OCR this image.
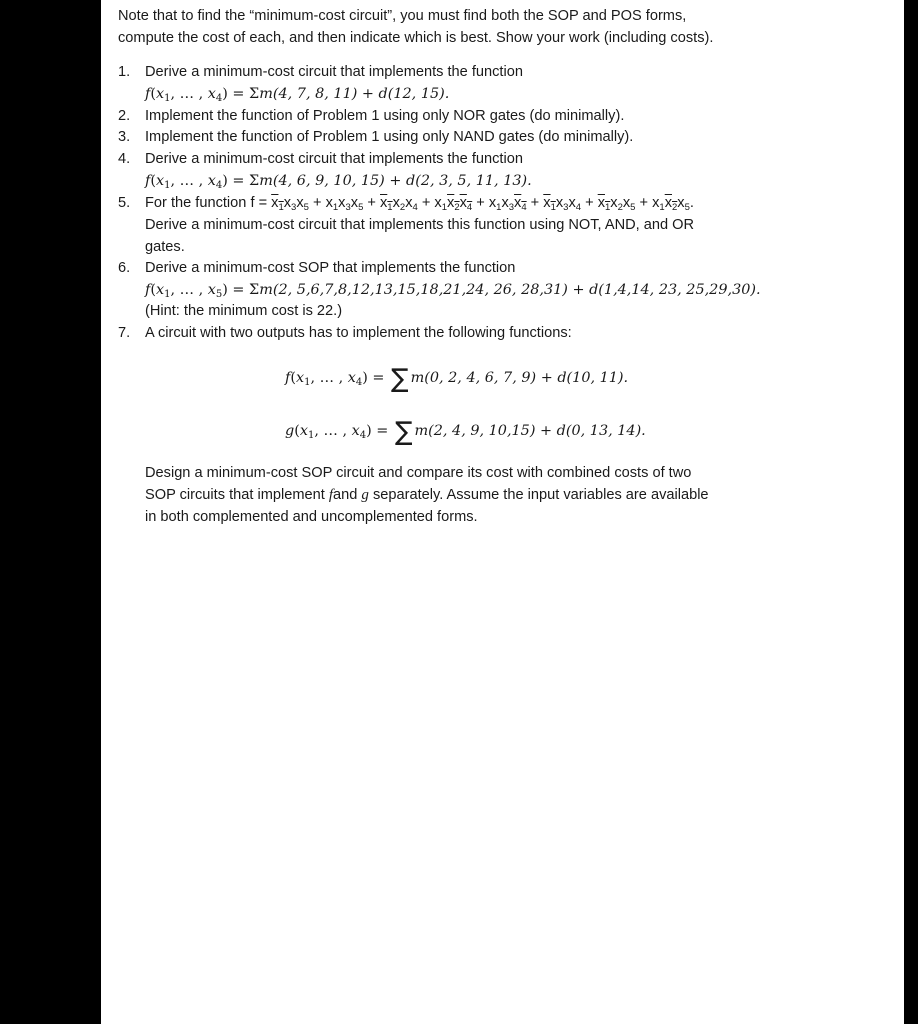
Note that to find the “minimum-cost circuit”, you must find both the SOP and POS forms,
compute the cost of each, and then indicate which is best. Show your work (including costs).
1. Derive a minimum-cost circuit that implements the function
$f(x_1$, … , $x_4) = \Sigma m(4$, 7, 8, 11) + d(12, 15).
2. Implement the function of Problem 1 using only NOR gates (do minimally).
3. Implement the function of Problem 1 using only NAND gates (do minimally).
4. Derive a minimum-cost circuit that implements the function
$f(x_1$, … , $x_4) = \Sigma m(4$, 6, 9, 10, 15) + d(2, 3, 5, 11, 13).
5. For the function $f = x_1x_3x_5 + x_1x_3x_5 + x_1x_2x_4 + x_1x_2x_4 + x_1x_3x_4 + x_1x_3x_4 + x_1x_2x_5 + x_1x_2x_5$.
Derive a minimum-cost circuit that implements this function using NOT, AND, and OR
gates.
6. Derive a minimum-cost SOP that implements the function
$f(x_1$, … , $x_5) = \Sigma m(2$, 5,6,7,8,12,13,15,18,21,24, 26, 28,31) + d(1,4,14, 23, 25,29,30).
(Hint: the minimum cost is 22.)
7. A circuit with two outputs has to implement the following functions:
$f(x_1$, … , $x_4$) = ∑ m(0, 2, 4, 6, 7, 9) + d(10, 11).
$g(x_1$, … , $x_4$) = ∑ m(2, 4, 9, 10,15) + d(0, 13, 14).
Design a minimum-cost SOP circuit and compare its cost with combined costs of two
SOP circuits that implement fand g separately. Assume the input variables are available
in both complemented and uncomplemented forms.
